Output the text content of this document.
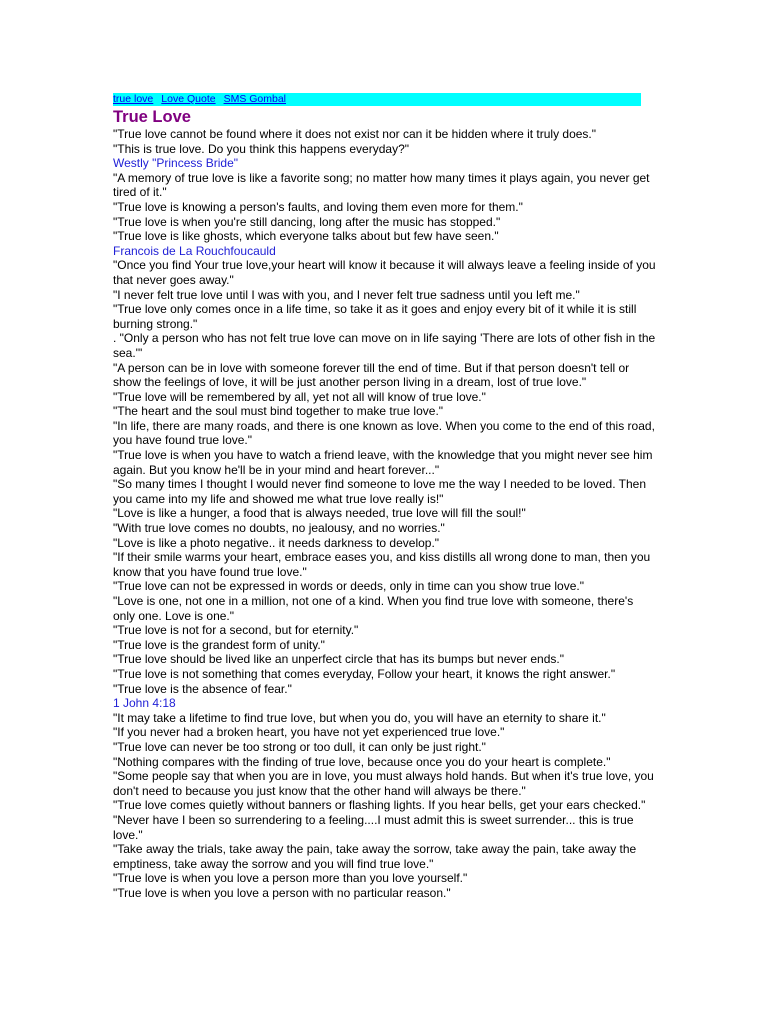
true love Love Quote SMS Gombal
True Love
"True love cannot be found where it does not exist nor can it be hidden where it truly does."
"This is true love. Do you think this happens everyday?"
Westly "Princess Bride"
"A memory of true love is like a favorite song; no matter how many times it plays again, you never get tired of it."
"True love is knowing a person's faults, and loving them even more for them."
"True love is when you're still dancing, long after the music has stopped."
"True love is like ghosts, which everyone talks about but few have seen."
Francois de La Rouchfoucauld
"Once you find Your true love,your heart will know it because it will always leave a feeling inside of you that never goes away."
"I never felt true love until I was with you, and I never felt true sadness until you left me."
"True love only comes once in a life time, so take it as it goes and enjoy every bit of it while it is still burning strong."
. "Only a person who has not felt true love can move on in life saying 'There are lots of other fish in the sea.'"
"A person can be in love with someone forever till the end of time. But if that person doesn't tell or show the feelings of love, it will be just another person living in a dream, lost of true love."
"True love will be remembered by all, yet not all will know of true love."
"The heart and the soul must bind together to make true love."
"In life, there are many roads, and there is one known as love. When you come to the end of this road, you have found true love."
"True love is when you have to watch a friend leave, with the knowledge that you might never see him again. But you know he'll be in your mind and heart forever..."
"So many times I thought I would never find someone to love me the way I needed to be loved. Then you came into my life and showed me what true love really is!"
"Love is like a hunger, a food that is always needed, true love will fill the soul!"
"With true love comes no doubts, no jealousy, and no worries."
"Love is like a photo negative.. it needs darkness to develop."
"If their smile warms your heart, embrace eases you, and kiss distills all wrong done to man, then you know that you have found true love."
"True love can not be expressed in words or deeds, only in time can you show true love."
"Love is one, not one in a million, not one of a kind. When you find true love with someone, there's only one. Love is one."
"True love is not for a second, but for eternity."
"True love is the grandest form of unity."
"True love should be lived like an unperfect circle that has its bumps but never ends."
"True love is not something that comes everyday, Follow your heart, it knows the right answer."
"True love is the absence of fear."
1 John 4:18
"It may take a lifetime to find true love, but when you do, you will have an eternity to share it."
"If you never had a broken heart, you have not yet experienced true love."
"True love can never be too strong or too dull, it can only be just right."
"Nothing compares with the finding of true love, because once you do your heart is complete."
"Some people say that when you are in love, you must always hold hands. But when it's true love, you don't need to because you just know that the other hand will always be there."
"True love comes quietly without banners or flashing lights. If you hear bells, get your ears checked."
"Never have I been so surrendering to a feeling....I must admit this is sweet surrender... this is true love."
"Take away the trials, take away the pain, take away the sorrow, take away the pain, take away the emptiness, take away the sorrow and you will find true love."
"True love is when you love a person more than you love yourself."
"True love is when you love a person with no particular reason."
